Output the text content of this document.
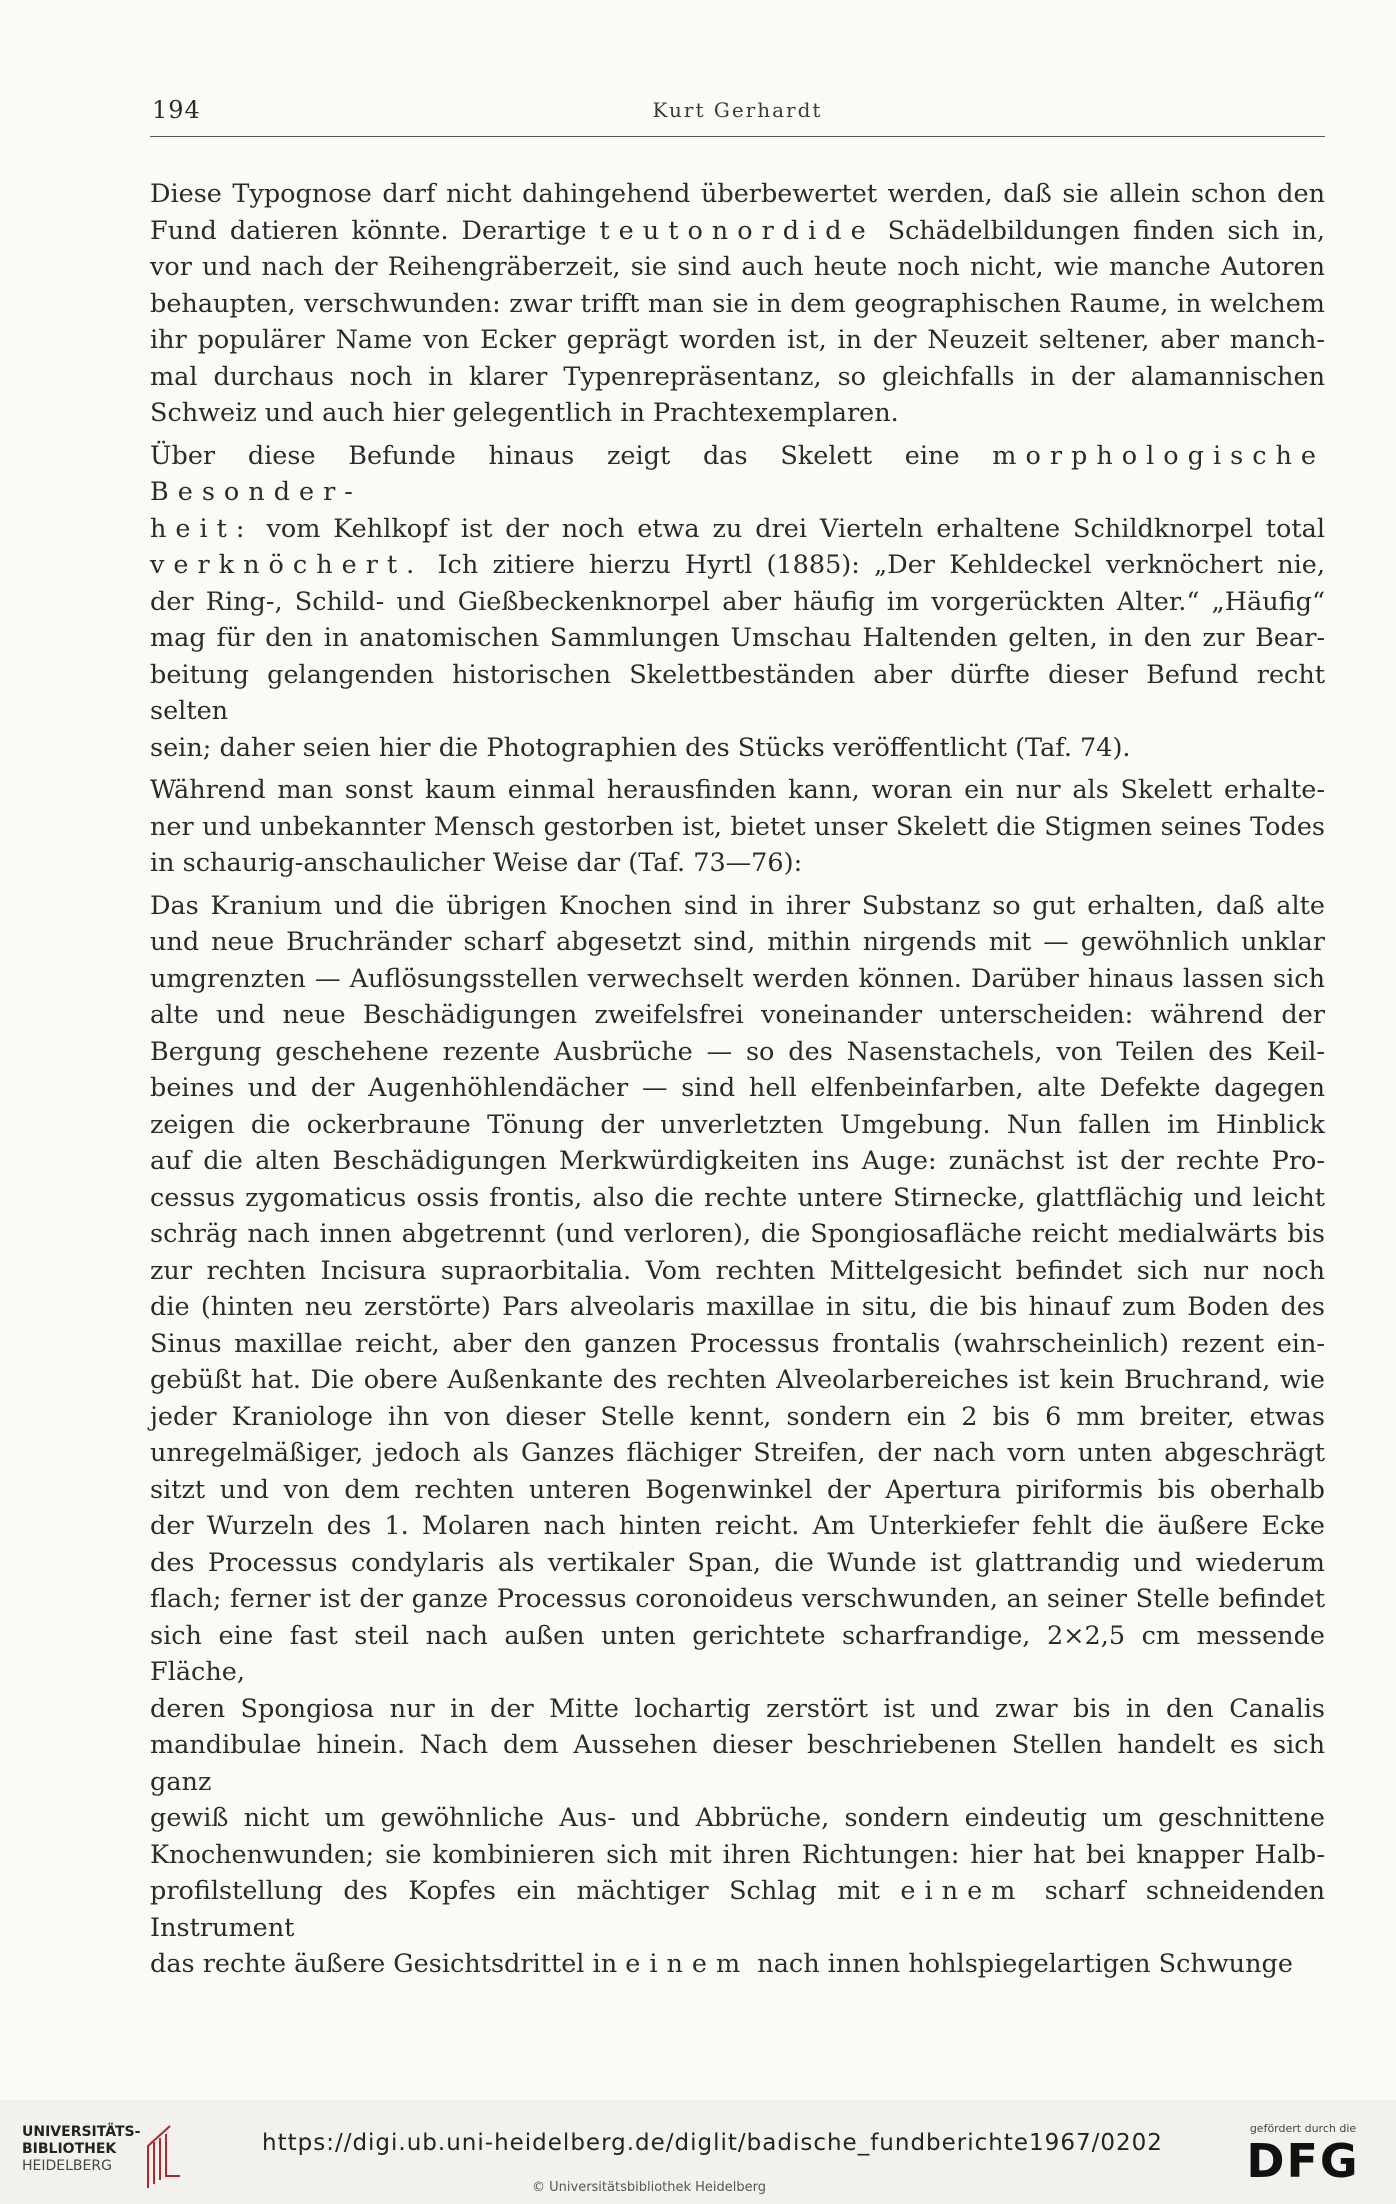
194	Kurt Gerhardt

Diese Typognose darf nicht dahingehend überbewertet werden, daß sie allein schon den
Fund datieren könnte. Derartige teutonordide Schädelbildungen finden sich in,
vor und nach der Reihengräberzeit, sie sind auch heute noch nicht, wie manche Autoren
behaupten, verschwunden: zwar trifft man sie in dem geographischen Raume, in welchem
ihr populärer Name von Ecker geprägt worden ist, in der Neuzeit seltener, aber manch-
mal durchaus noch in klarer Typenrepräsentanz, so gleichfalls in der alamannischen
Schweiz und auch hier gelegentlich in Prachtexemplaren.

Über diese Befunde hinaus zeigt das Skelett eine morphologische Besonder-
heit: vom Kehlkopf ist der noch etwa zu drei Vierteln erhaltene Schildknorpel total
verknöchert. Ich zitiere hierzu Hyrtl (1885): „Der Kehldeckel verknöchert nie,
der Ring-, Schild- und Gießbeckenknorpel aber häufig im vorgerückten Alter.“ „Häufig“
mag für den in anatomischen Sammlungen Umschau Haltenden gelten, in den zur Bear-
beitung gelangenden historischen Skelettbeständen aber dürfte dieser Befund recht selten
sein; daher seien hier die Photographien des Stücks veröffentlicht (Taf. 74).

Während man sonst kaum einmal herausfinden kann, woran ein nur als Skelett erhalte-
ner und unbekannter Mensch gestorben ist, bietet unser Skelett die Stigmen seines Todes
in schaurig-anschaulicher Weise dar (Taf. 73—76):

Das Kranium und die übrigen Knochen sind in ihrer Substanz so gut erhalten, daß alte
und neue Bruchränder scharf abgesetzt sind, mithin nirgends mit — gewöhnlich unklar
umgrenzten — Auflösungsstellen verwechselt werden können. Darüber hinaus lassen sich
alte und neue Beschädigungen zweifelsfrei voneinander unterscheiden: während der
Bergung geschehene rezente Ausbrüche — so des Nasenstachels, von Teilen des Keil-
beines und der Augenhöhlendächer — sind hell elfenbeinfarben, alte Defekte dagegen
zeigen die ockerbraune Tönung der unverletzten Umgebung. Nun fallen im Hinblick
auf die alten Beschädigungen Merkwürdigkeiten ins Auge: zunächst ist der rechte Pro-
cessus zygomaticus ossis frontis, also die rechte untere Stirnecke, glattflächig und leicht
schräg nach innen abgetrennt (und verloren), die Spongiosafläche reicht medialwärts bis
zur rechten Incisura supraorbitalia. Vom rechten Mittelgesicht befindet sich nur noch
die (hinten neu zerstörte) Pars alveolaris maxillae in situ, die bis hinauf zum Boden des
Sinus maxillae reicht, aber den ganzen Processus frontalis (wahrscheinlich) rezent ein-
gebüßt hat. Die obere Außenkante des rechten Alveolarbereiches ist kein Bruchrand, wie
jeder Kraniologe ihn von dieser Stelle kennt, sondern ein 2 bis 6 mm breiter, etwas
unregelmäßiger, jedoch als Ganzes flächiger Streifen, der nach vorn unten abgeschrägt
sitzt und von dem rechten unteren Bogenwinkel der Apertura piriformis bis oberhalb
der Wurzeln des 1. Molaren nach hinten reicht. Am Unterkiefer fehlt die äußere Ecke
des Processus condylaris als vertikaler Span, die Wunde ist glattrandig und wiederum
flach; ferner ist der ganze Processus coronoideus verschwunden, an seiner Stelle befindet
sich eine fast steil nach außen unten gerichtete scharfrandige, 2×2,5 cm messende Fläche,
deren Spongiosa nur in der Mitte lochartig zerstört ist und zwar bis in den Canalis
mandibulae hinein. Nach dem Aussehen dieser beschriebenen Stellen handelt es sich ganz
gewiß nicht um gewöhnliche Aus- und Abbrüche, sondern eindeutig um geschnittene
Knochenwunden; sie kombinieren sich mit ihren Richtungen: hier hat bei knapper Halb-
profilstellung des Kopfes ein mächtiger Schlag mit einem scharf schneidenden Instrument
das rechte äußere Gesichtsdrittel in einem nach innen hohlspiegelartigen Schwunge

UNIVERSITÄTS-
BIBLIOTHEK
HEIDELBERG
https://digi.ub.uni-heidelberg.de/diglit/badische_fundberichte1967/0202
© Universitätsbibliothek Heidelberg
gefördert durch die
DFG
